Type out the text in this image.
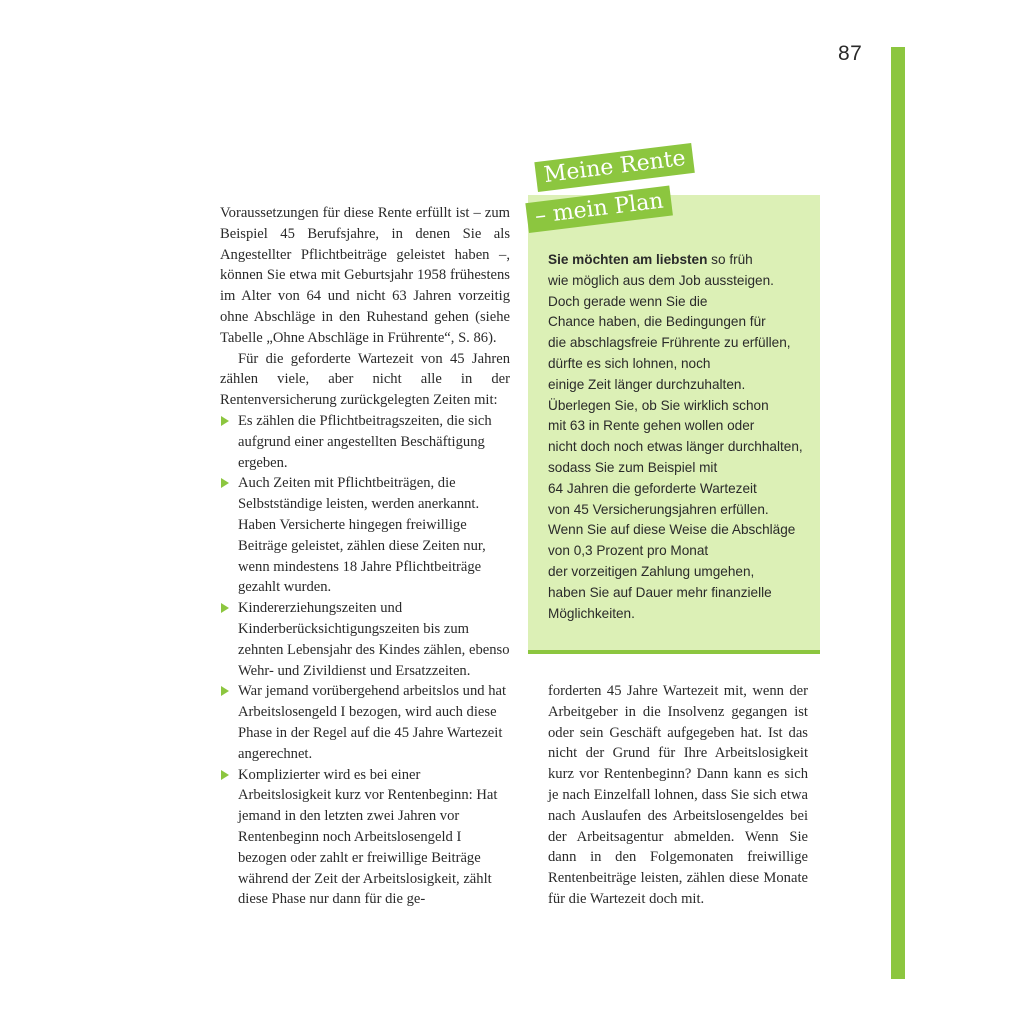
87

Voraussetzungen für diese Rente erfüllt ist – zum Beispiel 45 Berufsjahre, in denen Sie als Angestellter Pflichtbeiträge geleistet haben –, können Sie etwa mit Geburtsjahr 1958 frühestens im Alter von 64 und nicht 63 Jahren vorzeitig ohne Abschläge in den Ruhestand gehen (siehe Tabelle „Ohne Abschläge in Frührente“, S. 86).

Für die geforderte Wartezeit von 45 Jahren zählen viele, aber nicht alle in der Rentenversicherung zurückgelegten Zeiten mit:

Es zählen die Pflichtbeitragszeiten, die sich aufgrund einer angestellten Beschäftigung ergeben.
Auch Zeiten mit Pflichtbeiträgen, die Selbstständige leisten, werden anerkannt. Haben Versicherte hingegen freiwillige Beiträge geleistet, zählen diese Zeiten nur, wenn mindestens 18 Jahre Pflichtbeiträge gezahlt wurden.
Kindererziehungszeiten und Kinderberücksichtigungszeiten bis zum zehnten Lebensjahr des Kindes zählen, ebenso Wehr- und Zivildienst und Ersatzzeiten.
War jemand vorübergehend arbeitslos und hat Arbeitslosengeld I bezogen, wird auch diese Phase in der Regel auf die 45 Jahre Wartezeit angerechnet.
Komplizierter wird es bei einer Arbeitslosigkeit kurz vor Rentenbeginn: Hat jemand in den letzten zwei Jahren vor Rentenbeginn noch Arbeitslosengeld I bezogen oder zahlt er freiwillige Beiträge während der Zeit der Arbeitslosigkeit, zählt diese Phase nur dann für die ge-

Sie möchten am liebsten so früh
wie möglich aus dem Job aussteigen.
Doch gerade wenn Sie die
Chance haben, die Bedingungen für
die abschlagsfreie Frührente zu erfüllen,
dürfte es sich lohnen, noch
einige Zeit länger durchzuhalten.
Überlegen Sie, ob Sie wirklich schon
mit 63 in Rente gehen wollen oder
nicht doch noch etwas länger durchhalten,
sodass Sie zum Beispiel mit
64 Jahren die geforderte Wartezeit
von 45 Versicherungsjahren erfüllen.
Wenn Sie auf diese Weise die Abschläge
von 0,3 Prozent pro Monat
der vorzeitigen Zahlung umgehen,
haben Sie auf Dauer mehr finanzielle
Möglichkeiten.

Meine Rente
– mein Plan

forderten 45 Jahre Wartezeit mit, wenn der Arbeitgeber in die Insolvenz gegangen ist oder sein Geschäft aufgegeben hat. Ist das nicht der Grund für Ihre Arbeitslosigkeit kurz vor Rentenbeginn? Dann kann es sich je nach Einzelfall lohnen, dass Sie sich etwa nach Auslaufen des Arbeitslosengeldes bei der Arbeitsagentur abmelden. Wenn Sie dann in den Folgemonaten freiwillige Rentenbeiträge leisten, zählen diese Monate für die Wartezeit doch mit.
